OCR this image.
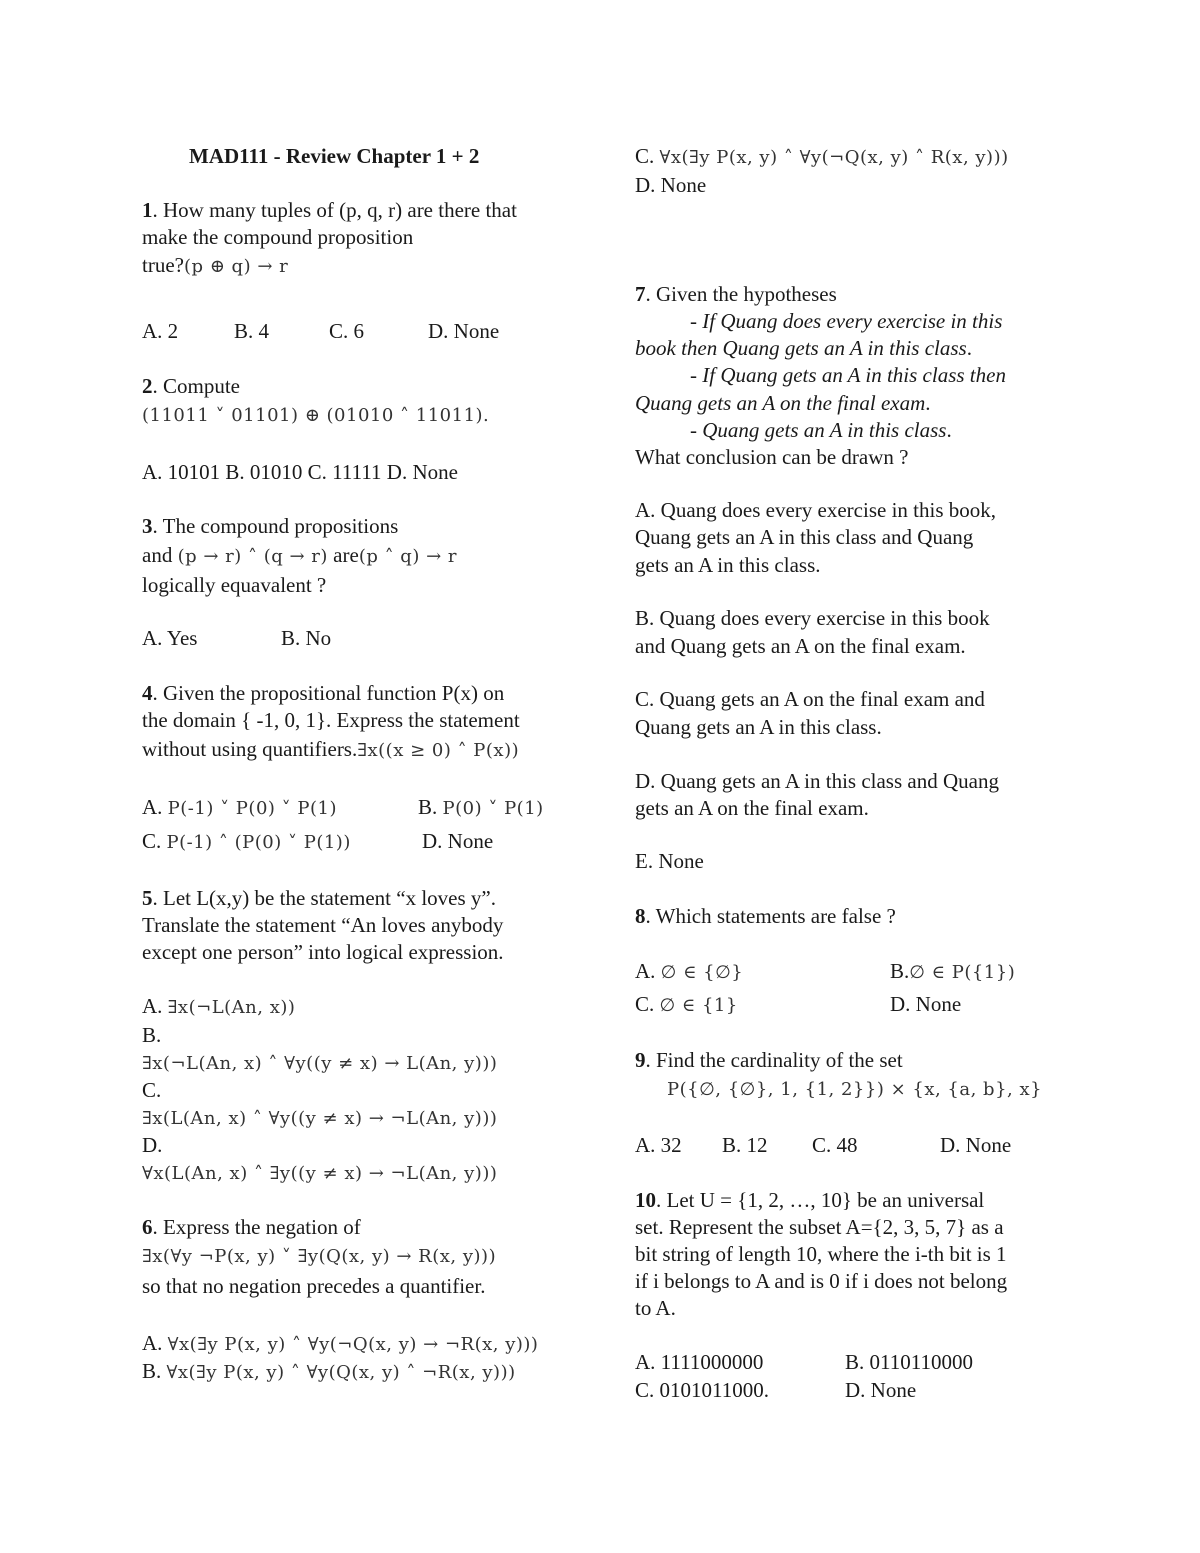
MAD111 - Review Chapter 1 + 2
1. How many tuples of (p, q, r) are there that
make the compound proposition
true?(p ⊕ q) → r
A. 2	B. 4	C. 6	D. None
2. Compute
(11011 ˅ 01101) ⊕ (01010 ˄ 11011).
A. 10101 B. 01010 C. 11111 D. None
3. The compound propositions
and (p → r) ˄ (q → r) are(p ˄ q) → r
logically equavalent ?
A. Yes	B. No
4. Given the propositional function P(x) on
the domain { -1, 0, 1}. Express the statement
without using quantifiers.∃x((x ≥ 0) ˄ P(x))
A. P(-1) ˅ P(0) ˅ P(1)	B. P(0) ˅ P(1)
C. P(-1) ˄ (P(0) ˅ P(1))	D. None
5. Let L(x,y) be the statement “x loves y”.
Translate the statement “An loves anybody
except one person” into logical expression.
A. ∃x(¬L(An, x))
B.
∃x(¬L(An, x) ˄ ∀y((y ≠ x) → L(An, y)))
C.
∃x(L(An, x) ˄ ∀y((y ≠ x) → ¬L(An, y)))
D.
∀x(L(An, x) ˄ ∃y((y ≠ x) → ¬L(An, y)))
6. Express the negation of
∃x(∀y ¬P(x, y) ˅ ∃y(Q(x, y) → R(x, y)))
so that no negation precedes a quantifier.
A. ∀x(∃y P(x, y) ˄ ∀y(¬Q(x, y) → ¬R(x, y)))
B. ∀x(∃y P(x, y) ˄ ∀y(Q(x, y) ˄ ¬R(x, y)))
C. ∀x(∃y P(x, y) ˄ ∀y(¬Q(x, y) ˄ R(x, y)))
D. None
7. Given the hypotheses
- If Quang does every exercise in this
book then Quang gets an A in this class.
- If Quang gets an A in this class then
Quang gets an A on the final exam.
- Quang gets an A in this class.
What conclusion can be drawn ?
A. Quang does every exercise in this book,
Quang gets an A in this class and Quang
gets an A in this class.
B. Quang does every exercise in this book
and Quang gets an A on the final exam.
C. Quang gets an A on the final exam and
Quang gets an A in this class.
D. Quang gets an A in this class and Quang
gets an A on the final exam.
E. None
8. Which statements are false ?
A. ∅ ∈ {∅}	B.∅ ∈ P({1})
C. ∅ ∈ {1}	D. None
9. Find the cardinality of the set
P({∅, {∅}, 1, {1, 2}}) × {x, {a, b}, x}
A. 32 B. 12 C. 48	D. None
10. Let U = {1, 2, …, 10} be an universal
set. Represent the subset A={2, 3, 5, 7} as a
bit string of length 10, where the i-th bit is 1
if i belongs to A and is 0 if i does not belong
to A.
A. 1111000000	B. 0110110000
C. 0101011000.	D. None
